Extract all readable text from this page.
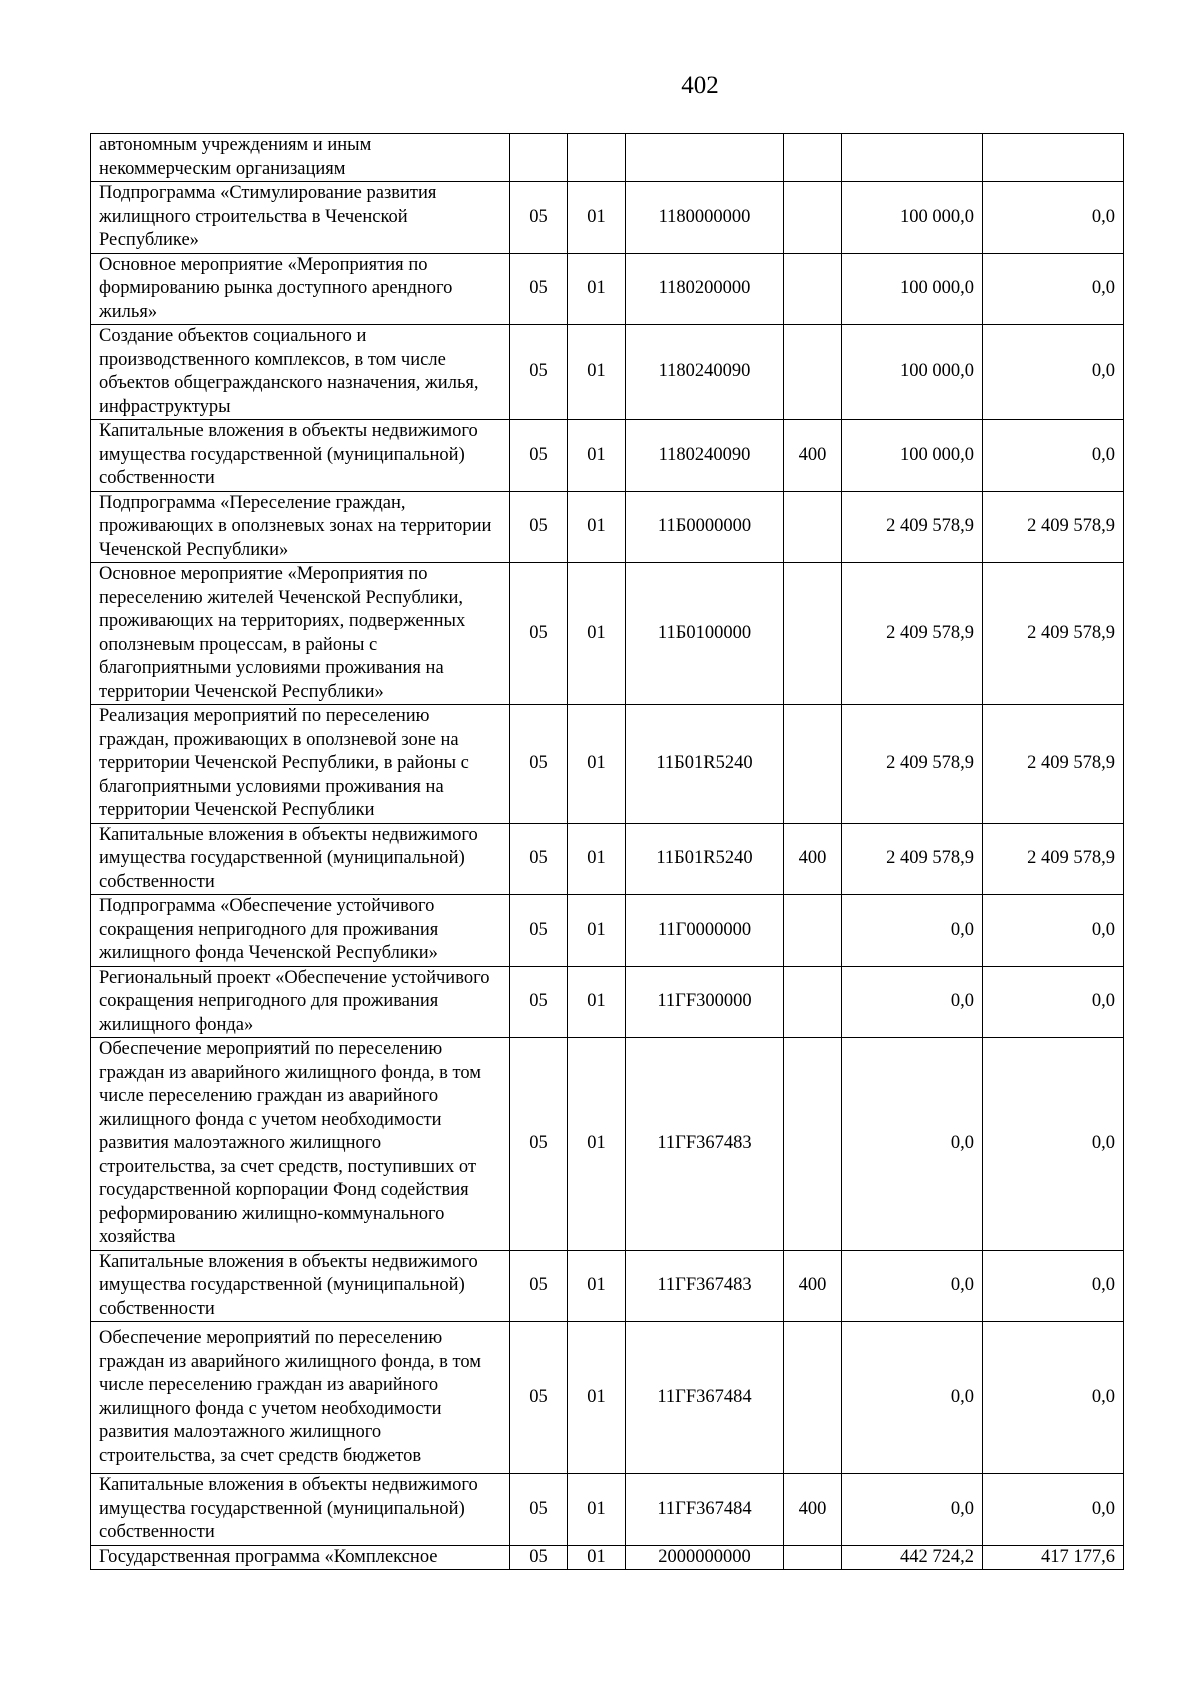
402
автономным учреждениям и иным некоммерческим организациям						
Подпрограмма «Стимулирование развития жилищного строительства в Чеченской Республике»	05	01	1180000000		100 000,0	0,0
Основное мероприятие «Мероприятия по формированию рынка доступного арендного жилья»	05	01	1180200000		100 000,0	0,0
Создание объектов социального и производственного комплексов, в том числе объектов общегражданского назначения, жилья, инфраструктуры	05	01	1180240090		100 000,0	0,0
Капитальные вложения в объекты недвижимого имущества государственной (муниципальной) собственности	05	01	1180240090	400	100 000,0	0,0
Подпрограмма «Переселение граждан, проживающих в оползневых зонах на территории Чеченской Республики»	05	01	11Б0000000		2 409 578,9	2 409 578,9
Основное мероприятие «Мероприятия по переселению жителей Чеченской Республики, проживающих на территориях, подверженных оползневым процессам, в районы с благоприятными условиями проживания на территории Чеченской Республики»	05	01	11Б0100000		2 409 578,9	2 409 578,9
Реализация мероприятий по переселению граждан, проживающих в оползневой зоне на территории Чеченской Республики, в районы с благоприятными условиями проживания на территории Чеченской Республики	05	01	11Б01R5240		2 409 578,9	2 409 578,9
Капитальные вложения в объекты недвижимого имущества государственной (муниципальной) собственности	05	01	11Б01R5240	400	2 409 578,9	2 409 578,9
Подпрограмма «Обеспечение устойчивого сокращения непригодного для проживания жилищного фонда Чеченской Республики»	05	01	11Г0000000		0,0	0,0
Региональный проект «Обеспечение устойчивого сокращения непригодного для проживания жилищного фонда»	05	01	11ГF300000		0,0	0,0
Обеспечение мероприятий по переселению граждан из аварийного жилищного фонда, в том числе переселению граждан из аварийного жилищного фонда с учетом необходимости развития малоэтажного жилищного строительства, за счет средств, поступивших от государственной корпорации Фонд содействия реформированию жилищно-коммунального хозяйства	05	01	11ГF367483		0,0	0,0
Капитальные вложения в объекты недвижимого имущества государственной (муниципальной) собственности	05	01	11ГF367483	400	0,0	0,0
Обеспечение мероприятий по переселению граждан из аварийного жилищного фонда, в том числе переселению граждан из аварийного жилищного фонда с учетом необходимости развития малоэтажного жилищного строительства, за счет средств бюджетов	05	01	11ГF367484		0,0	0,0
Капитальные вложения в объекты недвижимого имущества государственной (муниципальной) собственности	05	01	11ГF367484	400	0,0	0,0
Государственная программа «Комплексное	05	01	2000000000		442 724,2	417 177,6
